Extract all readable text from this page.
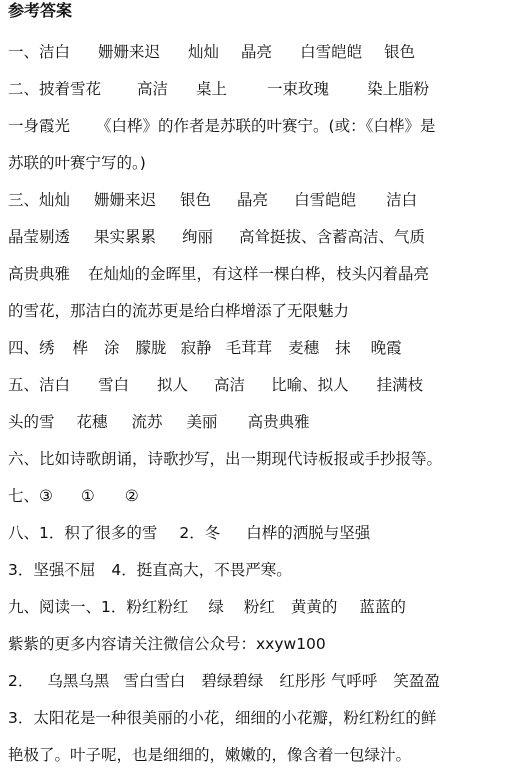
参考答案
一、洁白 姗姗来迟 灿灿 晶亮 白雪皑皑 银色
二、披着雪花 高洁 桌上	一束玫瑰 染上脂粉
一身霞光 《白桦》的作者是苏联的叶赛宁。(或：《白桦》是
苏联的叶赛宁写的。)
三、灿灿 姗姗来迟 银色 晶亮 白雪皑皑 洁白
晶莹剔透 果实累累 绚丽 高耸挺拔、含蓄高洁、气质
高贵典雅 在灿灿的金晖里，有这样一棵白桦，枝头闪着晶亮
的雪花，那洁白的流苏更是给白桦增添了无限魅力
四、绣 桦 涂 朦胧 寂静 毛茸茸 麦穗 抹 晚霞
五、洁白 雪白 拟人 高洁 比喻、拟人 挂满枝
头的雪 花穗 流苏 美丽 高贵典雅
六、比如诗歌朗诵，诗歌抄写，出一期现代诗板报或手抄报等。
七、③ ① ②
八、1．积了很多的雪 2．冬 白桦的洒脱与坚强
3．坚强不屈 4．挺直高大，不畏严寒。
九、阅读一、1．粉红粉红 绿 粉红 黄黄的 蓝蓝的
紫紫的更多内容请关注微信公众号：xxyw100
2． 乌黑乌黑 雪白雪白 碧绿碧绿 红彤彤 气呼呼 笑盈盈
3．太阳花是一种很美丽的小花，细细的小花瓣，粉红粉红的鲜
艳极了。叶子呢，也是细细的，嫩嫩的，像含着一包绿汁。
